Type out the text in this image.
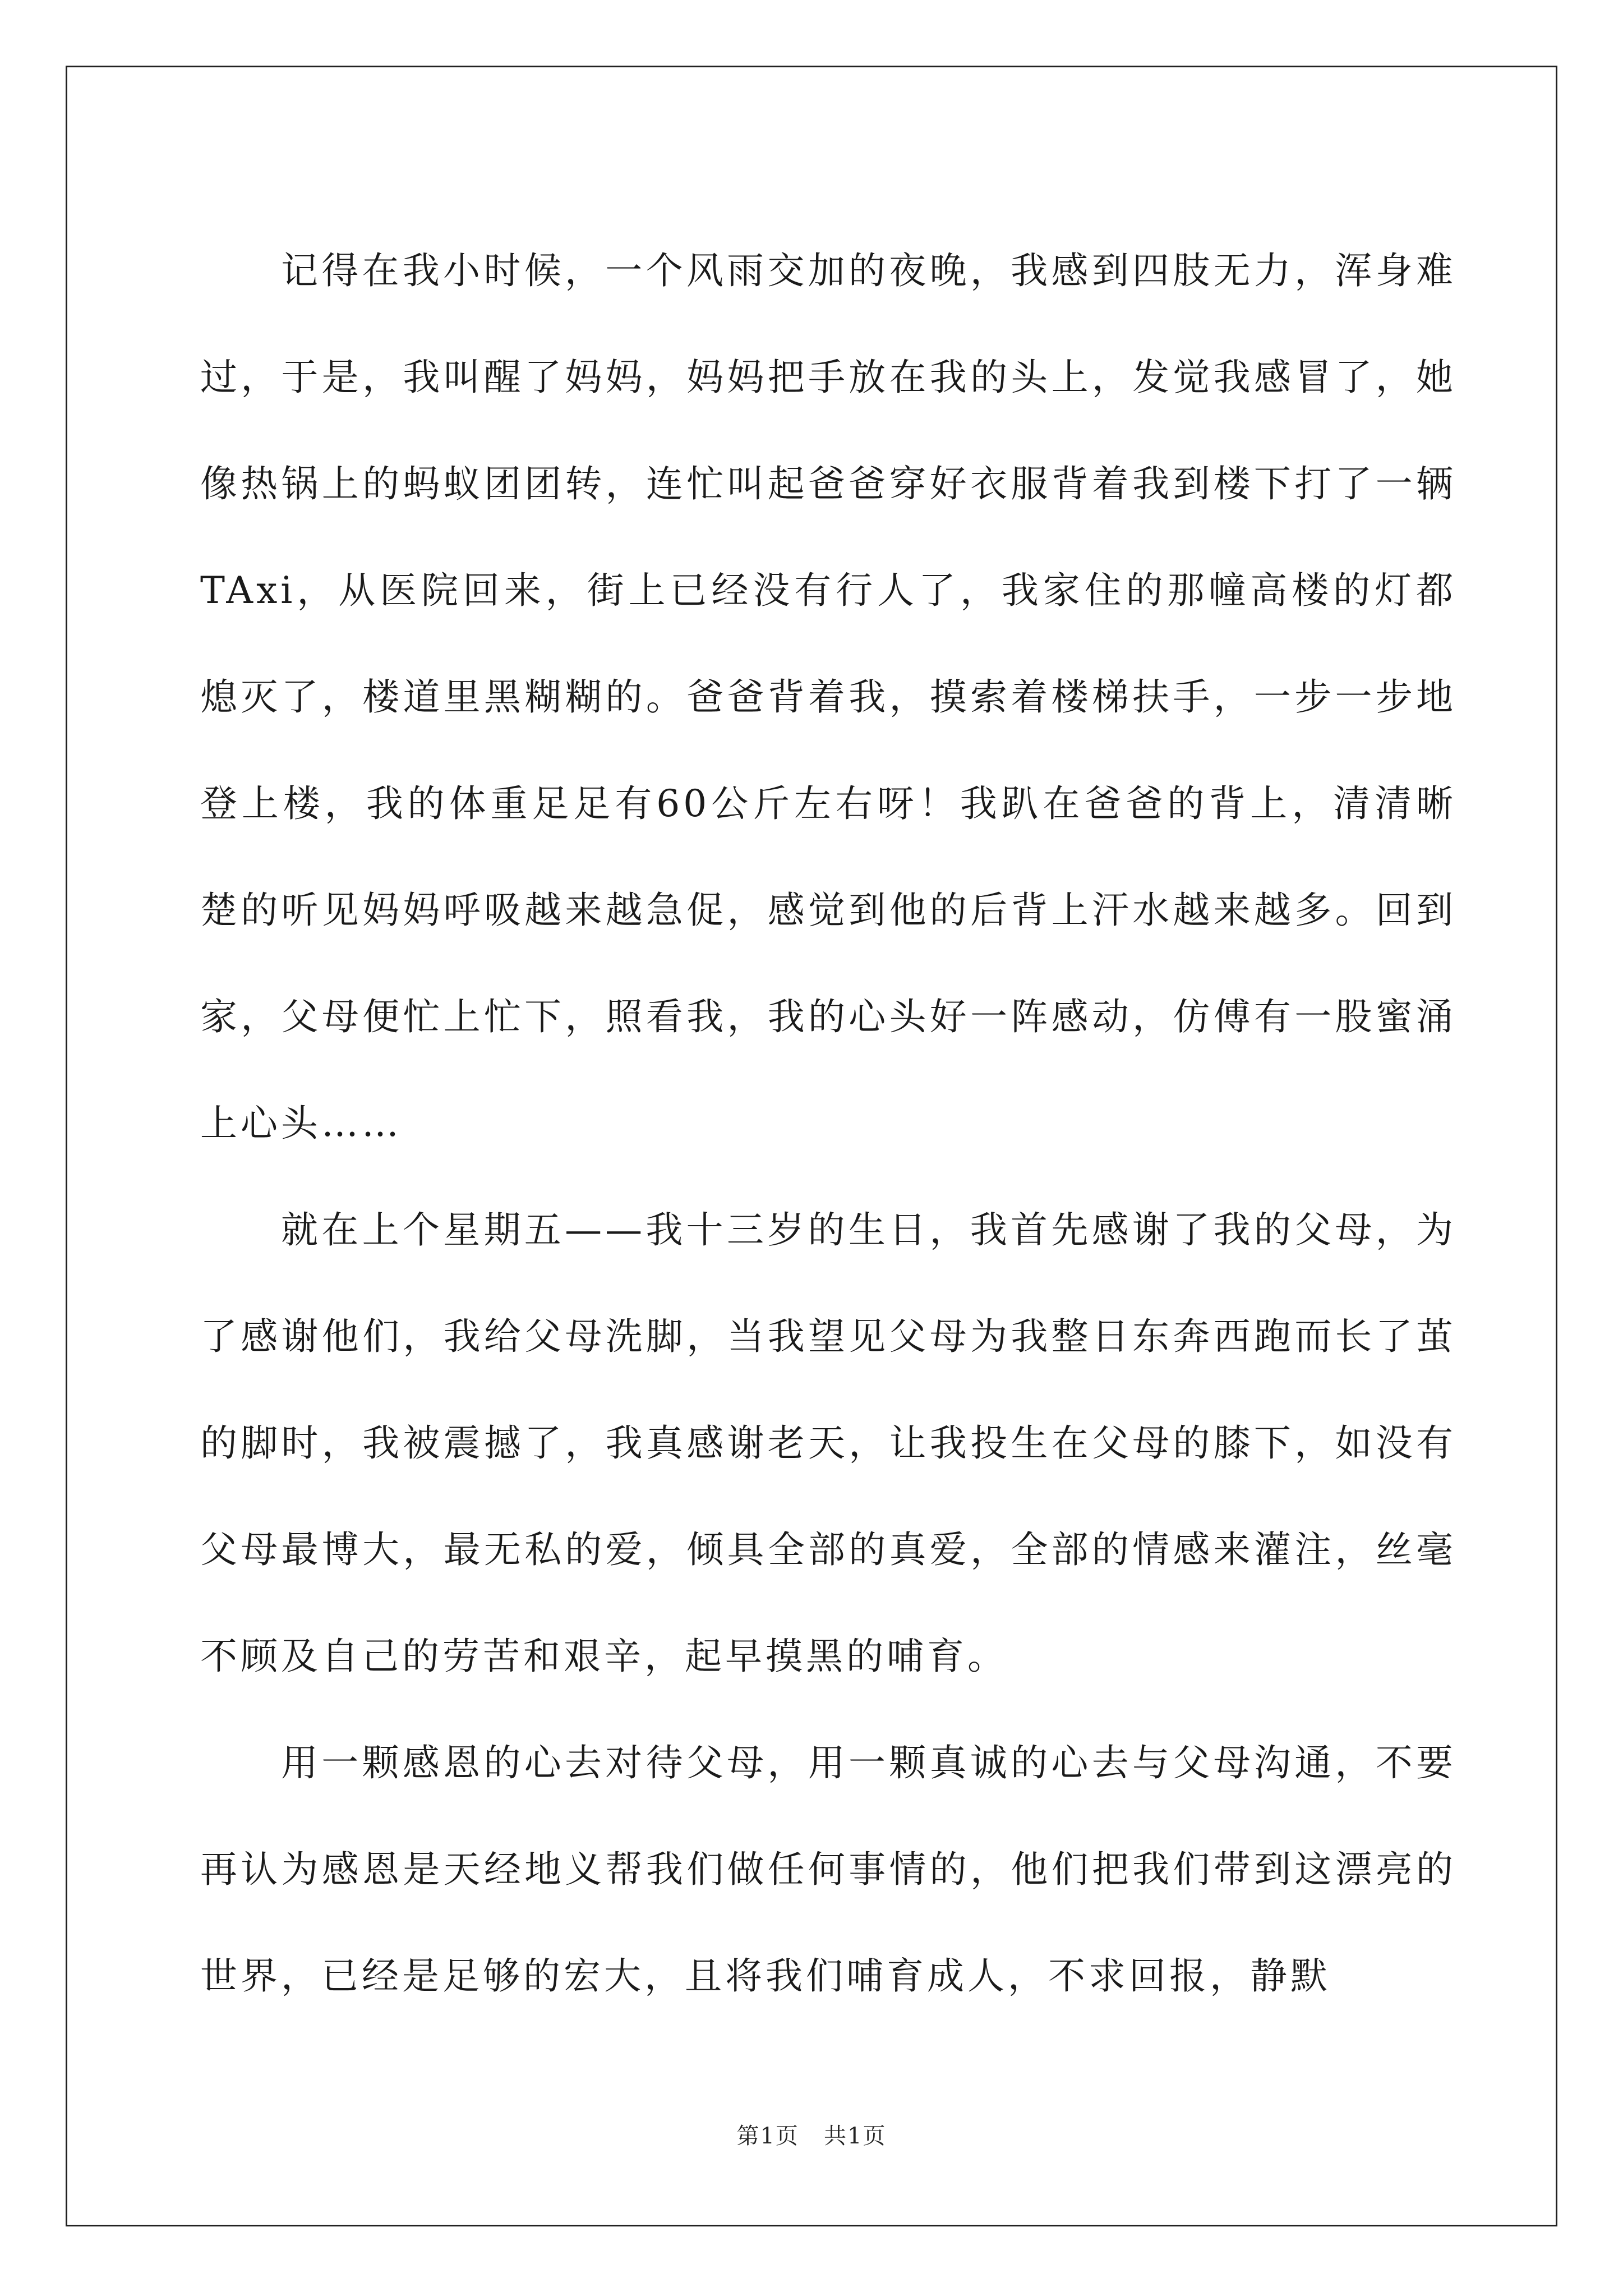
记得在我小时候，一个风雨交加的夜晚，我感到四肢无力，浑身难过，于是，我叫醒了妈妈，妈妈把手放在我的头上，发觉我感冒了，她像热锅上的蚂蚁团团转，连忙叫起爸爸穿好衣服背着我到楼下打了一辆TAxi，从医院回来，街上已经没有行人了，我家住的那幢高楼的灯都熄灭了，楼道里黑糊糊的。爸爸背着我，摸索着楼梯扶手，一步一步地登上楼，我的体重足足有60公斤左右呀！我趴在爸爸的背上，清清晰楚的听见妈妈呼吸越来越急促，感觉到他的后背上汗水越来越多。回到家，父母便忙上忙下，照看我，我的心头好一阵感动，仿傅有一股蜜涌上心头……

就在上个星期五——我十三岁的生日，我首先感谢了我的父母，为了感谢他们，我给父母洗脚，当我望见父母为我整日东奔西跑而长了茧的脚时，我被震撼了，我真感谢老天，让我投生在父母的膝下，如没有父母最博大，最无私的爱，倾具全部的真爱，全部的情感来灌注，丝毫不顾及自己的劳苦和艰辛，起早摸黑的哺育。

用一颗感恩的心去对待父母，用一颗真诚的心去与父母沟通，不要再认为感恩是天经地义帮我们做任何事情的，他们把我们带到这漂亮的世界，已经是足够的宏大，且将我们哺育成人，不求回报，静默

第1页   共1页
